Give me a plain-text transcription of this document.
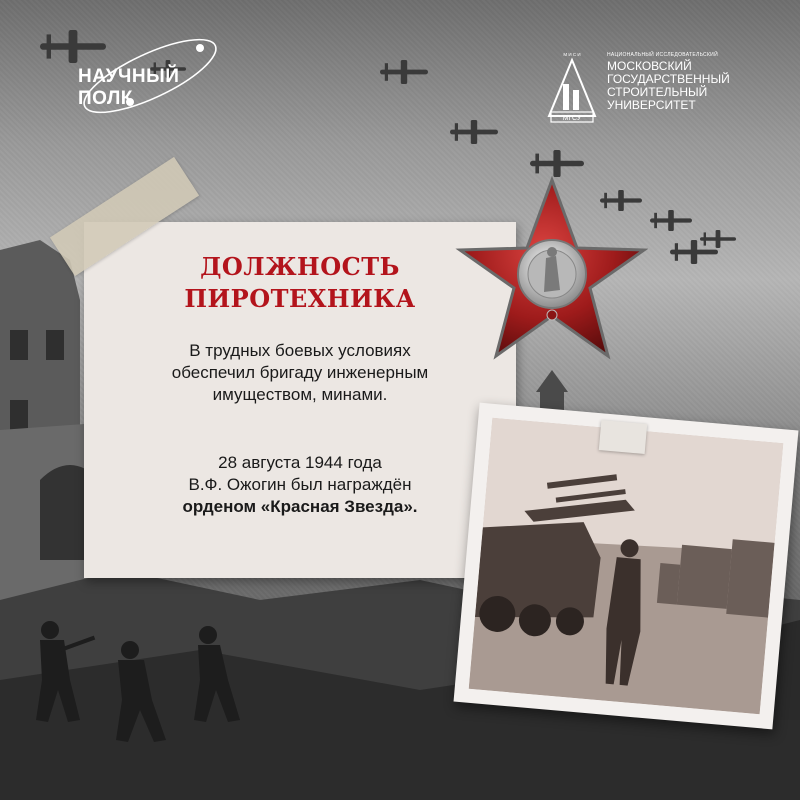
НАУЧНЫЙ ПОЛК
МГСУ
М И С И	НАЦИОНАЛЬНЫЙ ИССЛЕДОВАТЕЛЬСКИЙ
МОСКОВСКИЙ
ГОСУДАРСТВЕННЫЙ
СТРОИТЕЛЬНЫЙ
УНИВЕРСИТЕТ
ДОЛЖНОСТЬ
ПИРОТЕХНИКА
В трудных боевых условиях
обеспечил бригаду инженерным
имуществом, минами.
28 августа 1944 года
В.Ф. Ожогин был награждён
орденом «Красная Звезда».
